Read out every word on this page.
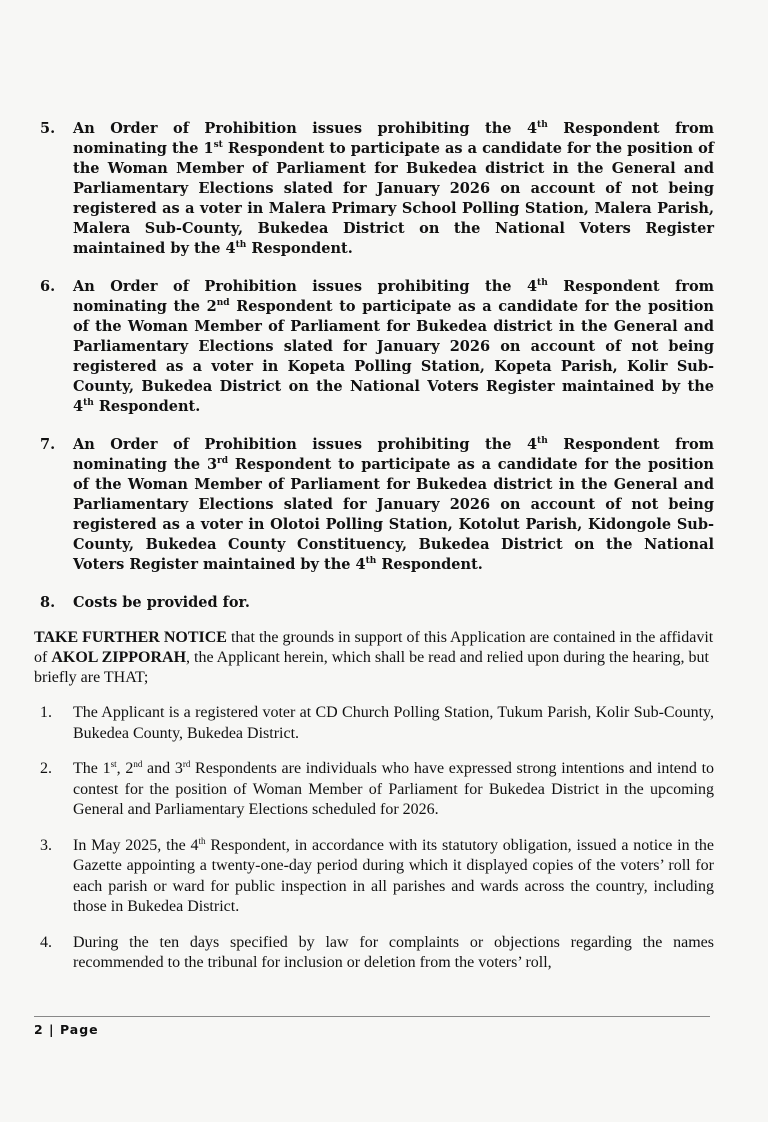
5. An Order of Prohibition issues prohibiting the 4th Respondent from nominating the 1st Respondent to participate as a candidate for the position of the Woman Member of Parliament for Bukedea district in the General and Parliamentary Elections slated for January 2026 on account of not being registered as a voter in Malera Primary School Polling Station, Malera Parish, Malera Sub-County, Bukedea District on the National Voters Register maintained by the 4th Respondent.
6. An Order of Prohibition issues prohibiting the 4th Respondent from nominating the 2nd Respondent to participate as a candidate for the position of the Woman Member of Parliament for Bukedea district in the General and Parliamentary Elections slated for January 2026 on account of not being registered as a voter in Kopeta Polling Station, Kopeta Parish, Kolir Sub-County, Bukedea District on the National Voters Register maintained by the 4th Respondent.
7. An Order of Prohibition issues prohibiting the 4th Respondent from nominating the 3rd Respondent to participate as a candidate for the position of the Woman Member of Parliament for Bukedea district in the General and Parliamentary Elections slated for January 2026 on account of not being registered as a voter in Olotoi Polling Station, Kotolut Parish, Kidongole Sub-County, Bukedea County Constituency, Bukedea District on the National Voters Register maintained by the 4th Respondent.
8. Costs be provided for.
TAKE FURTHER NOTICE that the grounds in support of this Application are contained in the affidavit of AKOL ZIPPORAH, the Applicant herein, which shall be read and relied upon during the hearing, but briefly are THAT;
1. The Applicant is a registered voter at CD Church Polling Station, Tukum Parish, Kolir Sub-County, Bukedea County, Bukedea District.
2. The 1st, 2nd and 3rd Respondents are individuals who have expressed strong intentions and intend to contest for the position of Woman Member of Parliament for Bukedea District in the upcoming General and Parliamentary Elections scheduled for 2026.
3. In May 2025, the 4th Respondent, in accordance with its statutory obligation, issued a notice in the Gazette appointing a twenty-one-day period during which it displayed copies of the voters’ roll for each parish or ward for public inspection in all parishes and wards across the country, including those in Bukedea District.
4. During the ten days specified by law for complaints or objections regarding the names recommended to the tribunal for inclusion or deletion from the voters’ roll,
2 | Page
